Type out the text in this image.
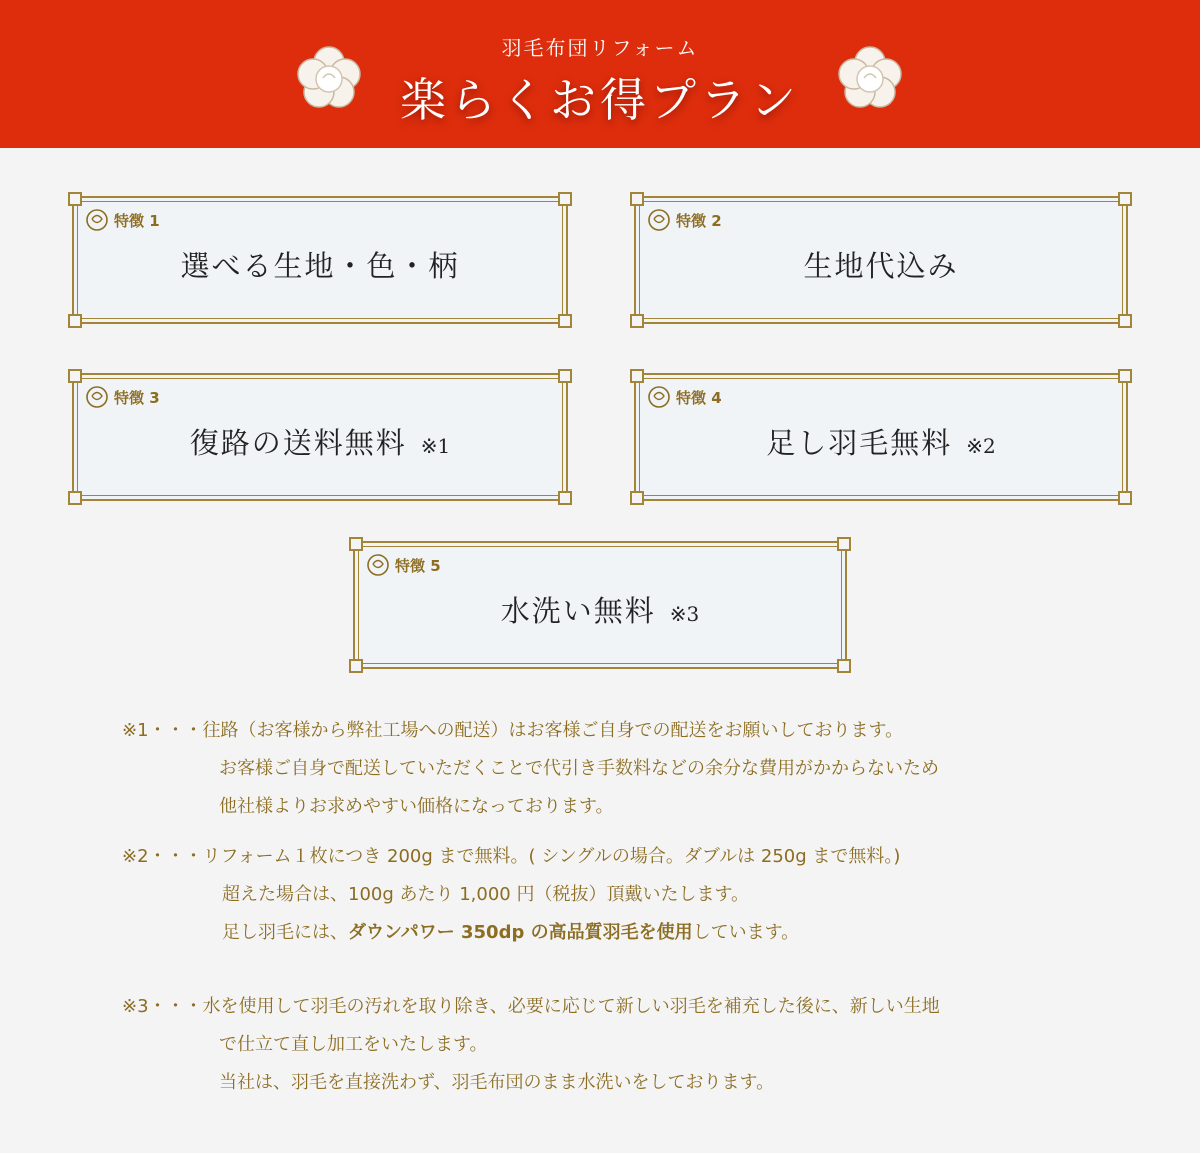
羽毛布団リフォーム
楽らくお得プラン
特徴 1
選べる生地・色・柄
特徴 2
生地代込み
特徴 3
復路の送料無料 ※1
特徴 4
足し羽毛無料 ※2
特徴 5
水洗い無料 ※3
※1・・・往路（お客様から弊社工場への配送）はお客様ご自身での配送をお願いしております。
お客様ご自身で配送していただくことで代引き手数料などの余分な費用がかからないため
他社様よりお求めやすい価格になっております。
※2・・・リフォーム１枚につき 200g まで無料。( シングルの場合。ダブルは 250g まで無料。)
超えた場合は、100g あたり 1,000 円（税抜）頂戴いたします。
足し羽毛には、ダウンパワー 350dp の高品質羽毛を使用しています。
※3・・・水を使用して羽毛の汚れを取り除き、必要に応じて新しい羽毛を補充した後に、新しい生地
で仕立て直し加工をいたします。
当社は、羽毛を直接洗わず、羽毛布団のまま水洗いをしております。
